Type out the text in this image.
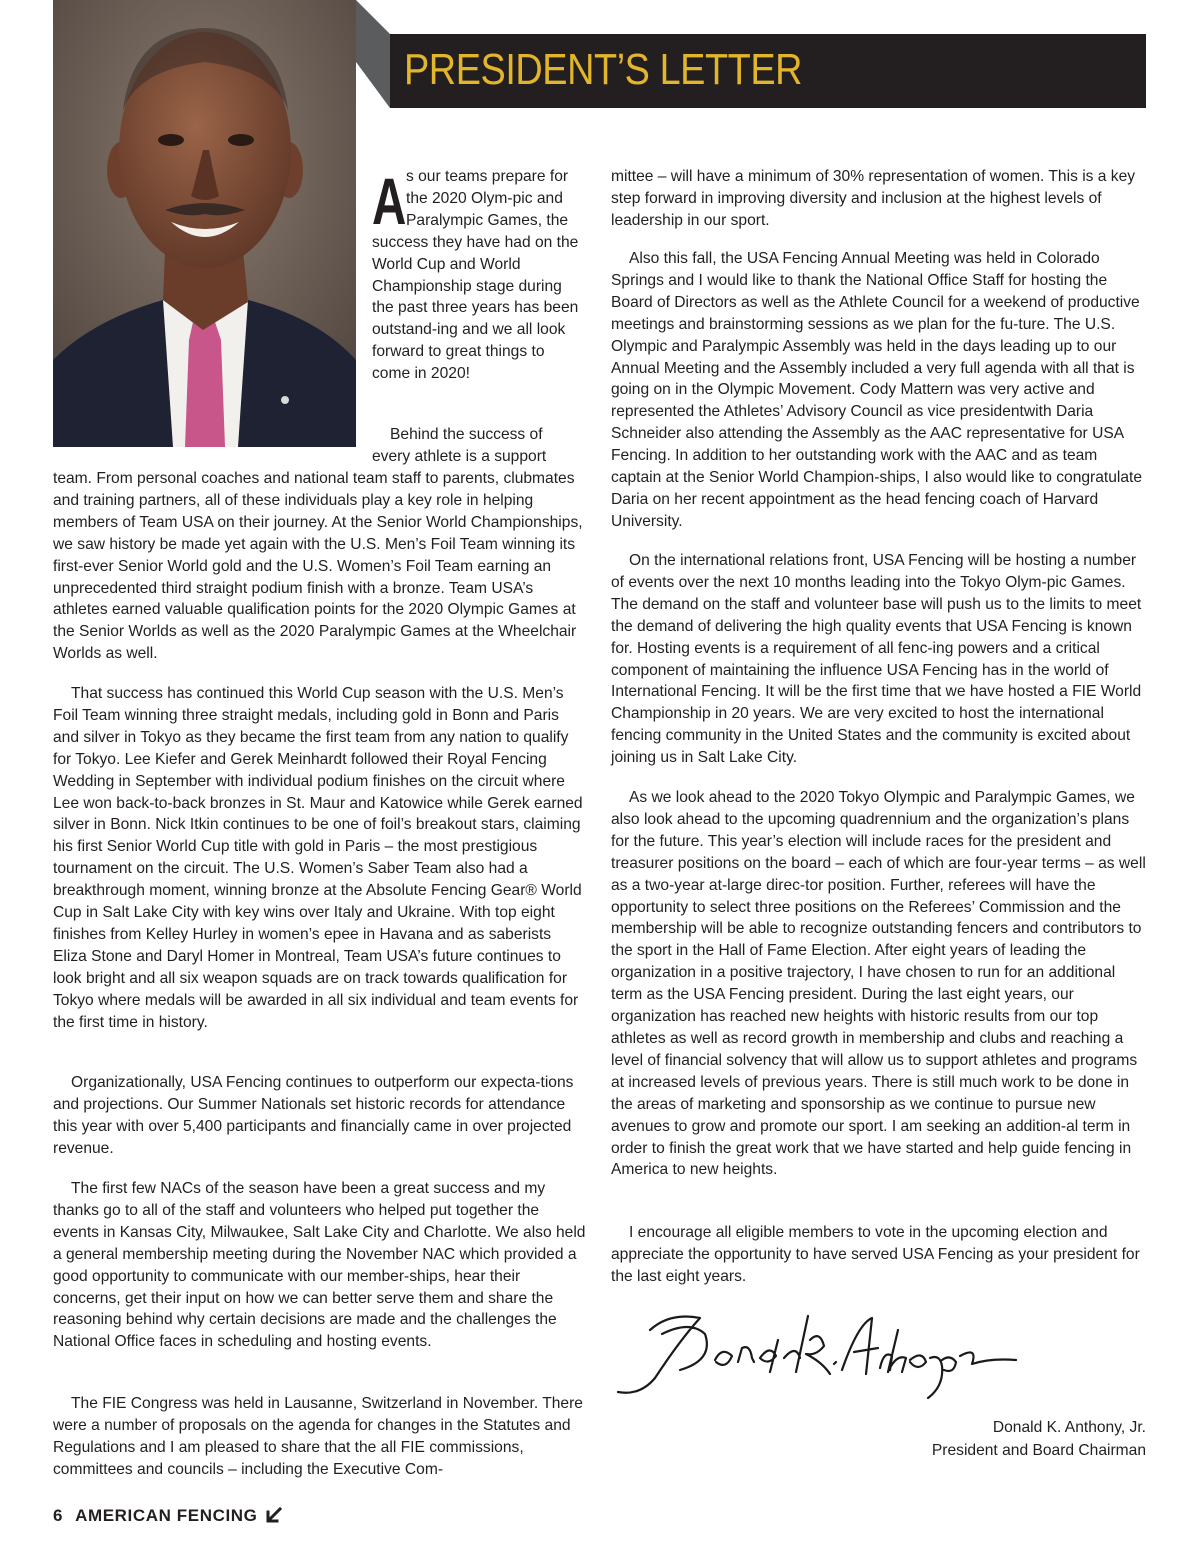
PRESIDENT’S LETTER
As our teams prepare for the 2020 Olym-pic and Paralympic Games, the success they have had on the World Cup and World Championship stage during the past three years has been outstand-ing and we all look forward to great things to come in 2020!
Behind the success of every athlete is a support
team. From personal coaches and national team staff to parents, clubmates and training partners, all of these individuals play a key role in helping members of Team USA on their journey. At the Senior World Championships, we saw history be made yet again with the U.S. Men’s Foil Team winning its first-ever Senior World gold and the U.S. Women’s Foil Team earning an unprecedented third straight podium finish with a bronze. Team USA’s athletes earned valuable qualification points for the 2020 Olympic Games at the Senior Worlds as well as the 2020 Paralympic Games at the Wheelchair Worlds as well.
That success has continued this World Cup season with the U.S. Men’s Foil Team winning three straight medals, including gold in Bonn and Paris and silver in Tokyo as they became the first team from any nation to qualify for Tokyo. Lee Kiefer and Gerek Meinhardt followed their Royal Fencing Wedding in September with individual podium finishes on the circuit where Lee won back-to-back bronzes in St. Maur and Katowice while Gerek earned silver in Bonn. Nick Itkin continues to be one of foil’s breakout stars, claiming his first Senior World Cup title with gold in Paris – the most prestigious tournament on the circuit. The U.S. Women’s Saber Team also had a breakthrough moment, winning bronze at the Absolute Fencing Gear® World Cup in Salt Lake City with key wins over Italy and Ukraine. With top eight finishes from Kelley Hurley in women’s epee in Havana and as saberists Eliza Stone and Daryl Homer in Montreal, Team USA’s future continues to look bright and all six weapon squads are on track towards qualification for Tokyo where medals will be awarded in all six individual and team events for the first time in history.
Organizationally, USA Fencing continues to outperform our expecta-tions and projections. Our Summer Nationals set historic records for attendance this year with over 5,400 participants and financially came in over projected revenue.
The first few NACs of the season have been a great success and my thanks go to all of the staff and volunteers who helped put together the events in Kansas City, Milwaukee, Salt Lake City and Charlotte. We also held a general membership meeting during the November NAC which provided a good opportunity to communicate with our member-ships, hear their concerns, get their input on how we can better serve them and share the reasoning behind why certain decisions are made and the challenges the National Office faces in scheduling and hosting events.
The FIE Congress was held in Lausanne, Switzerland in November. There were a number of proposals on the agenda for changes in the Statutes and Regulations and I am pleased to share that the all FIE commissions, committees and councils – including the Executive Com-
mittee – will have a minimum of 30% representation of women. This is a key step forward in improving diversity and inclusion at the highest levels of leadership in our sport.
Also this fall, the USA Fencing Annual Meeting was held in Colorado Springs and I would like to thank the National Office Staff for hosting the Board of Directors as well as the Athlete Council for a weekend of productive meetings and brainstorming sessions as we plan for the fu-ture. The U.S. Olympic and Paralympic Assembly was held in the days leading up to our Annual Meeting and the Assembly included a very full agenda with all that is going on in the Olympic Movement. Cody Mattern was very active and represented the Athletes’ Advisory Council as vice presidentwith Daria Schneider also attending the Assembly as the AAC representative for USA Fencing. In addition to her outstanding work with the AAC and as team captain at the Senior World Champion-ships, I also would like to congratulate Daria on her recent appointment as the head fencing coach of Harvard University.
On the international relations front, USA Fencing will be hosting a number of events over the next 10 months leading into the Tokyo Olym-pic Games. The demand on the staff and volunteer base will push us to the limits to meet the demand of delivering the high quality events that USA Fencing is known for. Hosting events is a requirement of all fenc-ing powers and a critical component of maintaining the influence USA Fencing has in the world of International Fencing. It will be the first time that we have hosted a FIE World Championship in 20 years. We are very excited to host the international fencing community in the United States and the community is excited about joining us in Salt Lake City.
As we look ahead to the 2020 Tokyo Olympic and Paralympic Games, we also look ahead to the upcoming quadrennium and the organization’s plans for the future. This year’s election will include races for the president and treasurer positions on the board – each of which are four-year terms – as well as a two-year at-large direc-tor position. Further, referees will have the opportunity to select three positions on the Referees’ Commission and the membership will be able to recognize outstanding fencers and contributors to the sport in the Hall of Fame Election. After eight years of leading the organization in a positive trajectory, I have chosen to run for an additional term as the USA Fencing president. During the last eight years, our organization has reached new heights with historic results from our top athletes as well as record growth in membership and clubs and reaching a level of financial solvency that will allow us to support athletes and programs at increased levels of previous years. There is still much work to be done in the areas of marketing and sponsorship as we continue to pursue new avenues to grow and promote our sport. I am seeking an addition-al term in order to finish the great work that we have started and help guide fencing in America to new heights.
I encourage all eligible members to vote in the upcoming election and appreciate the opportunity to have served USA Fencing as your president for the last eight years.
Donald K. Anthony, Jr.
President and Board Chairman
6 AMERICAN FENCING
